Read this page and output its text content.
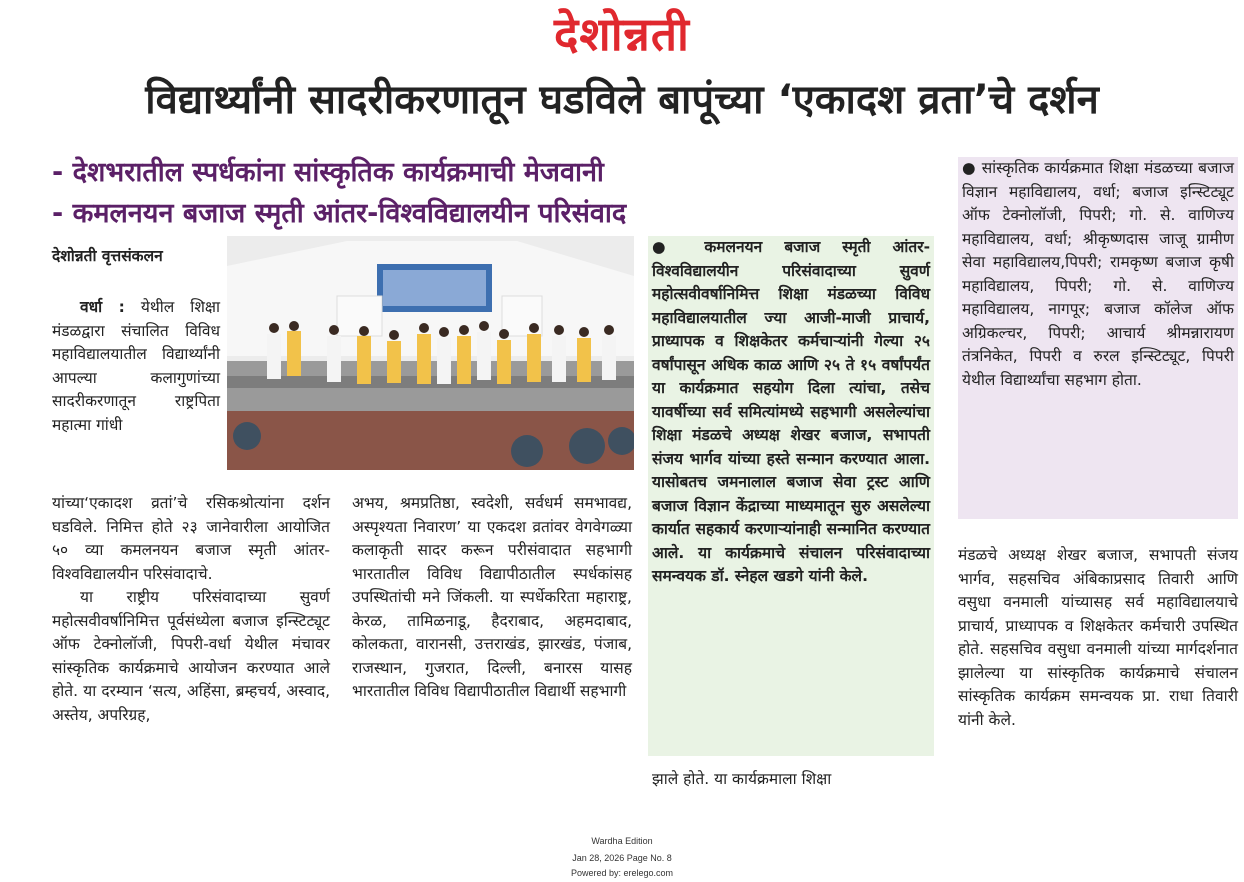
देशोन्नती
विद्यार्थ्यांनी सादरीकरणातून घडविले बापूंच्या ‘एकादश व्रता’चे दर्शन
- देशभरातील स्पर्धकांना सांस्कृतिक कार्यक्रमाची मेजवानी
- कमलनयन बजाज स्मृती आंतर-विश्वविद्यालयीन परिसंवाद
देशोन्नती वृत्तसंकलन

वर्धा : येथील शिक्षा मंडळद्वारा संचालित विविध महाविद्यालयातील विद्यार्थ्यांनी आपल्या कलागुणांच्या सादरीकरणातून राष्ट्रपिता महात्मा गांधी

यांच्या‘एकादश व्रतां’चे रसिकश्रोत्यांना दर्शन घडविले. निमित्त होते २३ जानेवारीला आयोजित ५० व्या कमलनयन बजाज स्मृती आंतर-विश्वविद्यालयीन परिसंवादाचे.

या राष्ट्रीय परिसंवादाच्या सुवर्ण महोत्सवीवर्षानिमित्त पूर्वसंध्येला बजाज इन्स्टिट्यूट ऑफ टेक्नोलॉजी, पिपरी-वर्धा येथील मंचावर सांस्कृतिक कार्यक्रमाचे आयोजन करण्यात आले होते. या दरम्यान ‘सत्य, अहिंसा, ब्रम्हचर्य, अस्वाद, अस्तेय, अपरिग्रह,

अभय, श्रमप्रतिष्ठा, स्वदेशी, सर्वधर्म समभावद्य, अस्पृश्यता निवारण’ या एकदश व्रतांवर वेगवेगळ्या कलाकृती सादर करून परीसंवादात सहभागी भारतातील विविध विद्यापीठातील स्पर्धकांसह उपस्थितांची मने जिंकली. या स्पर्धेकरिता महाराष्ट्र, केरळ, तामिळनाडू, हैदराबाद, अहमदाबाद, कोलकता, वारानसी, उत्तराखंड, झारखंड, पंजाब, राजस्थान, गुजरात, दिल्ली, बनारस यासह भारतातील विविध विद्यापीठातील विद्यार्थी सहभागी

● कमलनयन बजाज स्मृती आंतर-विश्वविद्यालयीन परिसंवादाच्या सुवर्ण महोत्सवीवर्षानिमित्त शिक्षा मंडळच्या विविध महाविद्यालयातील ज्या आजी-माजी प्राचार्य, प्राध्यापक व शिक्षकेतर कर्मचाऱ्यांनी गेल्या २५ वर्षांपासून अधिक काळ आणि २५ ते १५ वर्षांपर्यंत या कार्यक्रमात सहयोग दिला त्यांचा, तसेच यावर्षीच्या सर्व समित्यांमध्ये सहभागी असलेल्यांचा शिक्षा मंडळचे अध्यक्ष शेखर बजाज, सभापती संजय भार्गव यांच्या हस्ते सन्मान करण्यात आला. यासोबतच जमनालाल बजाज सेवा ट्रस्ट आणि बजाज विज्ञान केंद्राच्या माध्यमातून सुरु असलेल्या कार्यात सहकार्य करणाऱ्यांनाही सन्मानित करण्यात आले. या कार्यक्रमाचे संचालन परिसंवादाच्या समन्वयक डॉ. स्नेहल खडगे यांनी केले.

झाले होते. या कार्यक्रमाला शिक्षा

● सांस्कृतिक कार्यक्रमात शिक्षा मंडळच्या बजाज विज्ञान महाविद्यालय, वर्धा; बजाज इन्स्टिट्यूट ऑफ टेक्नोलॉजी, पिपरी; गो. से. वाणिज्य महाविद्यालय, वर्धा; श्रीकृष्णदास जाजू ग्रामीण सेवा महाविद्यालय,पिपरी; रामकृष्ण बजाज कृषी महाविद्यालय, पिपरी; गो. से. वाणिज्य महाविद्यालय, नागपूर; बजाज कॉलेज ऑफ अग्रिकल्चर, पिपरी; आचार्य श्रीमन्नारायण तंत्रनिकेत, पिपरी व रुरल इन्स्टिट्यूट, पिपरी येथील विद्यार्थ्यांचा सहभाग होता.

मंडळचे अध्यक्ष शेखर बजाज, सभापती संजय भार्गव, सहसचिव अंबिकाप्रसाद तिवारी आणि वसुधा वनमाली यांच्यासह सर्व महाविद्यालयाचे प्राचार्य, प्राध्यापक व शिक्षकेतर कर्मचारी उपस्थित होते. सहसचिव वसुधा वनमाली यांच्या मार्गदर्शनात झालेल्या या सांस्कृतिक कार्यक्रमाचे संचालन सांस्कृतिक कार्यक्रम समन्वयक प्रा. राधा तिवारी यांनी केले.

Wardha Edition
Jan 28, 2026 Page No. 8
Powered by: erelego.com
